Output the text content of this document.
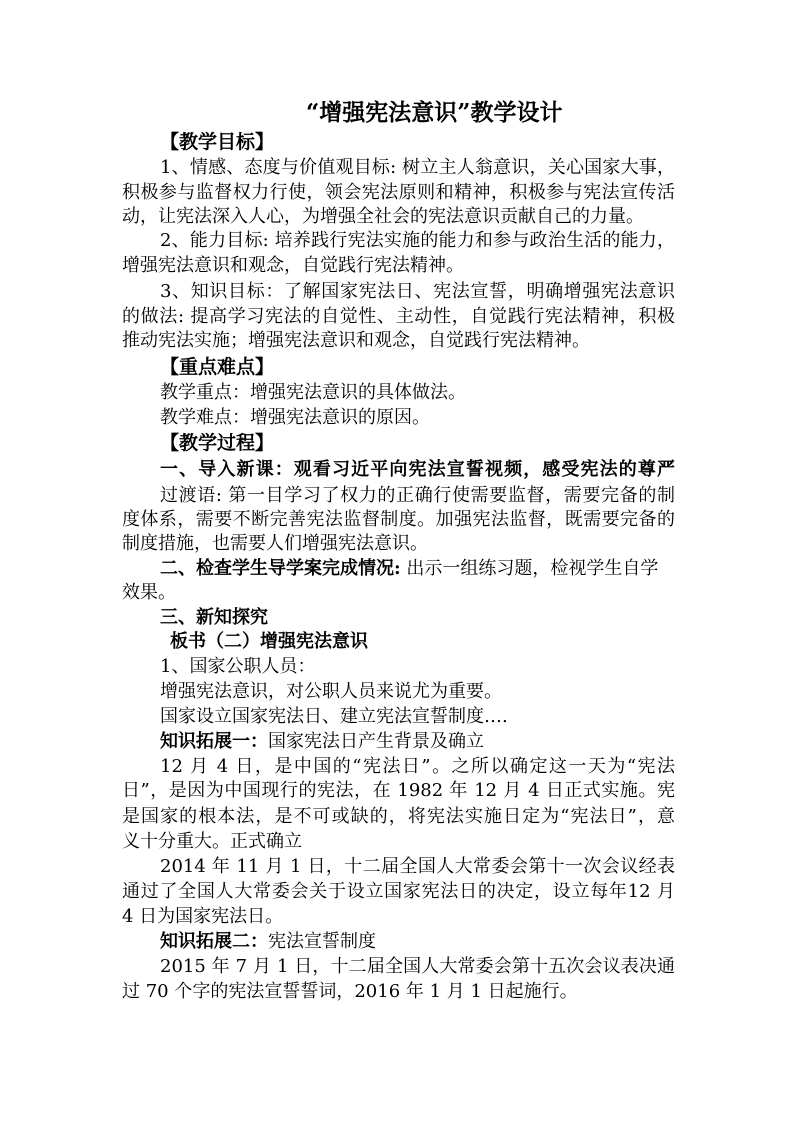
“增强宪法意识”教学设计
【教学目标】
1、情感、态度与价值观目标: 树立主人翁意识，关心国家大事，
积极参与监督权力行使，领会宪法原则和精神，积极参与宪法宣传活
动，让宪法深入人心，为增强全社会的宪法意识贡献自己的力量。
2、能力目标: 培养践行宪法实施的能力和参与政治生活的能力，
增强宪法意识和观念，自觉践行宪法精神。
3、知识目标：了解国家宪法日、宪法宣誓，明确增强宪法意识
的做法: 提高学习宪法的自觉性、主动性，自觉践行宪法精神，积极
推动宪法实施；增强宪法意识和观念，自觉践行宪法精神。
【重点难点】
教学重点：增强宪法意识的具体做法。
教学难点：增强宪法意识的原因。
【教学过程】
一、导入新课：观看习近平向宪法宣誓视频，感受宪法的尊严
过渡语: 第一目学习了权力的正确行使需要监督，需要完备的制
度体系，需要不断完善宪法监督制度。加强宪法监督，既需要完备的
制度措施，也需要人们增强宪法意识。
二、检查学生导学案完成情况: 出示一组练习题，检视学生自学
效果。
三、新知探究
板书（二）增强宪法意识
1、国家公职人员：
增强宪法意识，对公职人员来说尤为重要。
国家设立国家宪法日、建立宪法宣誓制度….
知识拓展一：国家宪法日产生背景及确立
12 月 4 日，是中国的“宪法日”。之所以确定这一天为“宪法
日”，是因为中国现行的宪法，在 1982 年 12 月 4 日正式实施。宪
是国家的根本法，是不可或缺的，将宪法实施日定为“宪法日”，意
义十分重大。正式确立
2014 年 11 月 1 日，十二届全国人大常委会第十一次会议经表
通过了全国人大常委会关于设立国家宪法日的决定，设立每年12 月
4 日为国家宪法日。
知识拓展二：宪法宣誓制度
2015 年 7 月 1 日，十二届全国人大常委会第十五次会议表决通
过 70 个字的宪法宣誓誓词，2016 年 1 月 1 日起施行。
